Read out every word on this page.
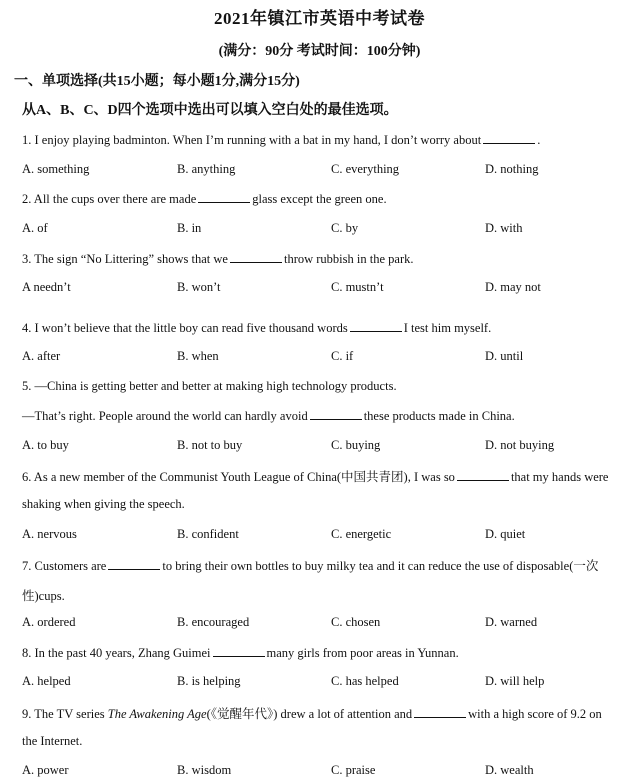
2021年镇江市英语中考试卷
(满分：90分 考试时间：100分钟)
一、单项选择(共15小题；每小题1分,满分15分)
从A、B、C、D四个选项中选出可以填入空白处的最佳选项。
1. I enjoy playing badminton. When I’m running with a bat in my hand, I don’t worry about	.
A. something	B. anything	C. everything	D. nothing
2. All the cups over there are made	glass except the green one.
A. of	B. in	C. by	D. with
3. The sign “No Littering” shows that we	throw rubbish in the park.
A needn’t	B. won’t	C. mustn’t	D. may not
4. I won’t believe that the little boy can read five thousand words	I test him myself.
A. after	B. when	C. if	D. until
5. —China is getting better and better at making high technology products.
—That’s right. People around the world can hardly avoid	these products made in China.
A. to buy	B. not to buy	C. buying	D. not buying
6. As a new member of the Communist Youth League of China(中国共青团), I was so	that my hands were
shaking when giving the speech.
A. nervous	B. confident	C. energetic	D. quiet
7. Customers are	to bring their own bottles to buy milky tea and it can reduce the use of disposable(一次
性)cups.
A. ordered	B. encouraged	C. chosen	D. warned
8. In the past 40 years, Zhang Guimei	many girls from poor areas in Yunnan.
A. helped	B. is helping	C. has helped	D. will help
9. The TV series The Awakening Age(《觉醒年代》) drew a lot of attention and	with a high score of 9.2 on
the Internet.
A. power	B. wisdom	C. praise	D. wealth
